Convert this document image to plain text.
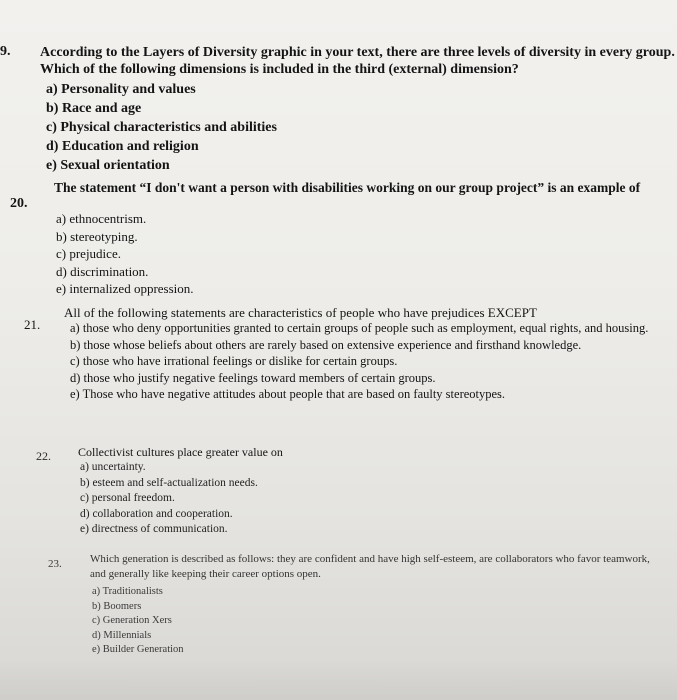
9. According to the Layers of Diversity graphic in your text, there are three levels of diversity in every group. Which of the following dimensions is included in the third (external) dimension?
a) Personality and values
b) Race and age
c) Physical characteristics and abilities
d) Education and religion
e) Sexual orientation
20.
The statement “I don't want a person with disabilities working on our group project” is an example of
a) ethnocentrism.
b) stereotyping.
c) prejudice.
d) discrimination.
e) internalized oppression.
21.
All of the following statements are characteristics of people who have prejudices EXCEPT
a) those who deny opportunities granted to certain groups of people such as employment, equal rights, and housing.
b) those whose beliefs about others are rarely based on extensive experience and firsthand knowledge.
c) those who have irrational feelings or dislike for certain groups.
d) those who justify negative feelings toward members of certain groups.
e) Those who have negative attitudes about people that are based on faulty stereotypes.
22. Collectivist cultures place greater value on
a) uncertainty.
b) esteem and self-actualization needs.
c) personal freedom.
d) collaboration and cooperation.
e) directness of communication.
23.	Which generation is described as follows: they are confident and have high self-esteem, are collaborators who favor teamwork, and generally like keeping their career options open.
a) Traditionalists
b) Boomers
c) Generation Xers
d) Millennials
e) Builder Generation
